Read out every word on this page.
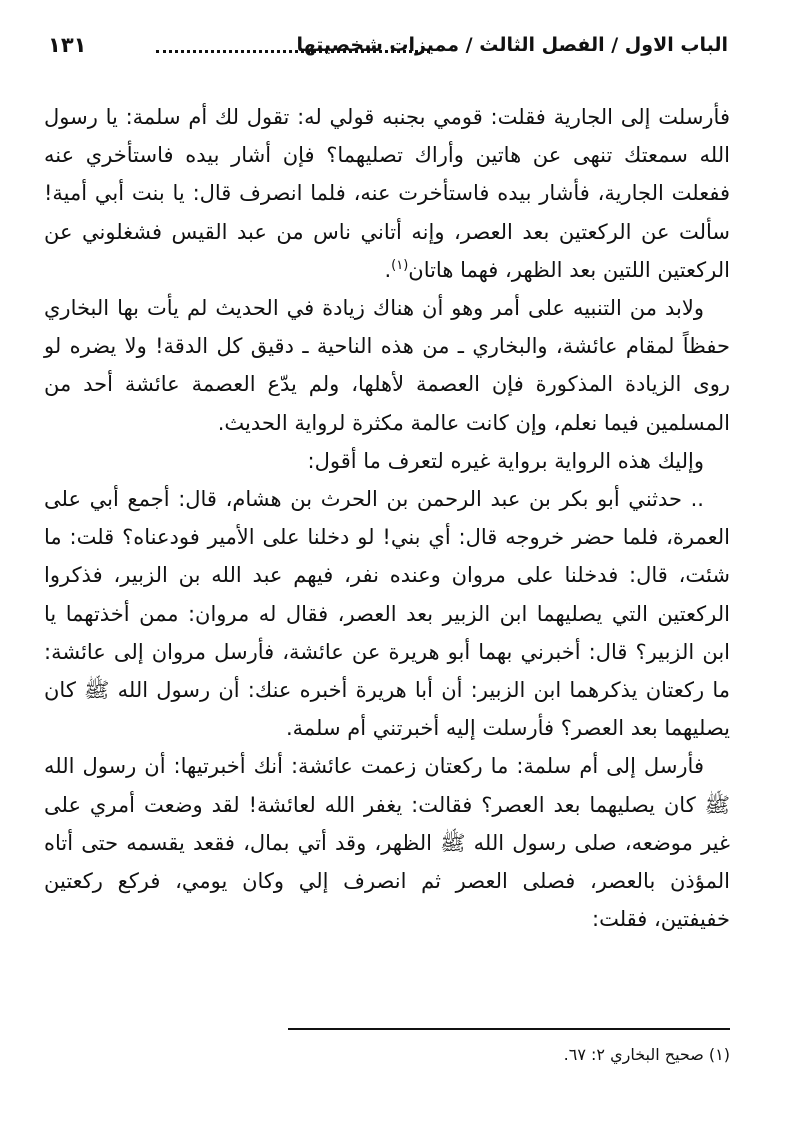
الباب الاول / الفصل الثالث / مميزات شخصيتها
١٣١

فأرسلت إلى الجارية فقلت: قومي بجنبه قولي له: تقول لك أم سلمة: يا رسول الله سمعتك تنهى عن هاتين وأراك تصليهما؟ فإن أشار بيده فاستأخري عنه ففعلت الجارية، فأشار بيده فاستأخرت عنه، فلما انصرف قال: يا بنت أبي أمية! سألت عن الركعتين بعد العصر، وإنه أتاني ناس من عبد القيس فشغلوني عن الركعتين اللتين بعد الظهر، فهما هاتان$^{(١)}$.

ولابد من التنبيه على أمر وهو أن هناك زيادة في الحديث لم يأت بها البخاري حفظاً لمقام عائشة، والبخاري ـ من هذه الناحية ـ دقيق كل الدقة! ولا يضره لو روى الزيادة المذكورة فإن العصمة لأهلها، ولم يدّع العصمة عائشة أحد من المسلمين فيما نعلم، وإن كانت عالمة مكثرة لرواية الحديث.

وإليك هذه الرواية برواية غيره لتعرف ما أقول:

.. حدثني أبو بكر بن عبد الرحمن بن الحرث بن هشام، قال: أجمع أبي على العمرة، فلما حضر خروجه قال: أي بني! لو دخلنا على الأمير فودعناه؟ قلت: ما شئت، قال: فدخلنا على مروان وعنده نفر، فيهم عبد الله بن الزبير، فذكروا الركعتين التي يصليهما ابن الزبير بعد العصر، فقال له مروان: ممن أخذتهما يا ابن الزبير؟ قال: أخبرني بهما أبو هريرة عن عائشة، فأرسل مروان إلى عائشة: ما ركعتان يذكرهما ابن الزبير: أن أبا هريرة أخبره عنك: أن رسول الله ﷺ كان يصليهما بعد العصر؟ فأرسلت إليه أخبرتني أم سلمة.

فأرسل إلى أم سلمة: ما ركعتان زعمت عائشة: أنك أخبرتيها: أن رسول الله ﷺ كان يصليهما بعد العصر؟ فقالت: يغفر الله لعائشة! لقد وضعت أمري على غير موضعه، صلى رسول الله ﷺ الظهر، وقد أتي بمال، فقعد يقسمه حتى أتاه المؤذن بالعصر، فصلى العصر ثم انصرف إلي وكان يومي، فركع ركعتين خفيفتين، فقلت:

(١) صحيح البخاري ٢: ٦٧.
